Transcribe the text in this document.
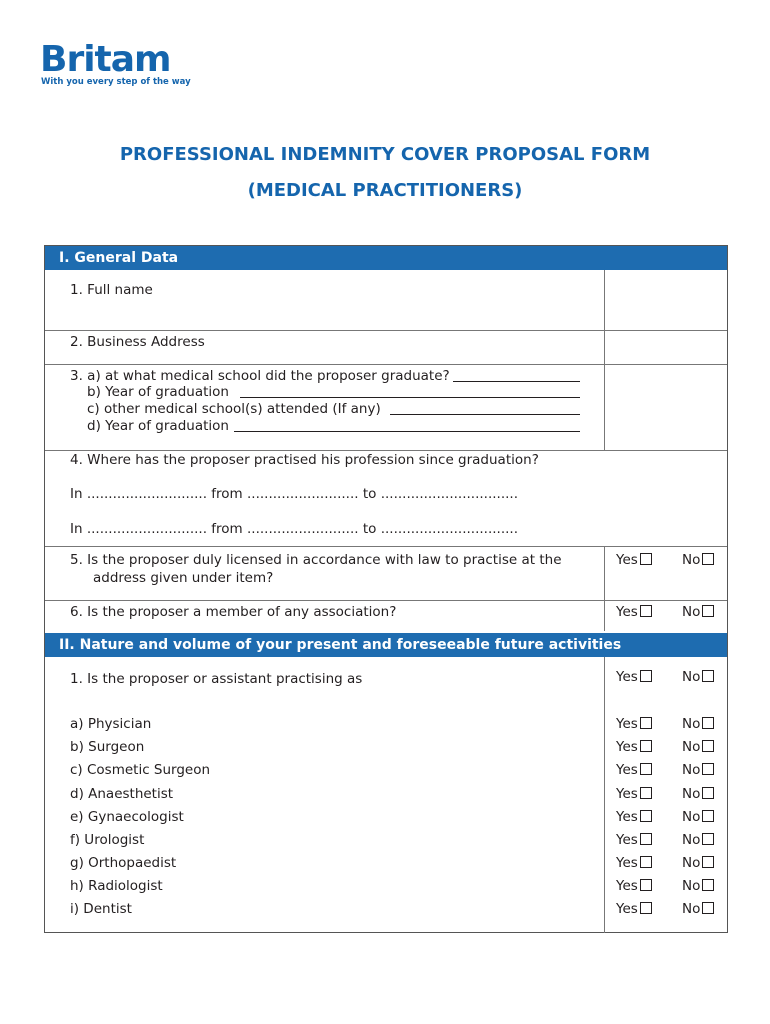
Britam
With you every step of the way
PROFESSIONAL INDEMNITY COVER PROPOSAL FORM
(MEDICAL PRACTITIONERS)
I. General Data
1. Full name
2. Business Address
3. a) at what medical school did the proposer graduate?
b) Year of graduation
c) other medical school(s) attended (If any)
d) Year of graduation
4. Where has the proposer practised his profession since graduation?
In ............................ from .......................... to ................................
In ............................ from .......................... to ................................
5. Is the proposer duly licensed in accordance with law to practise at the
address given under item?
Yes	No
6. Is the proposer a member of any association?	Yes	No
II. Nature and volume of your present and foreseeable future activities
1. Is the proposer or assistant practising as	Yes	No
a) Physician	Yes	No
b) Surgeon	Yes	No
c) Cosmetic Surgeon	Yes	No
d) Anaesthetist	Yes	No
e) Gynaecologist	Yes	No
f) Urologist	Yes	No
g) Orthopaedist	Yes	No
h) Radiologist	Yes	No
i) Dentist	Yes	No
